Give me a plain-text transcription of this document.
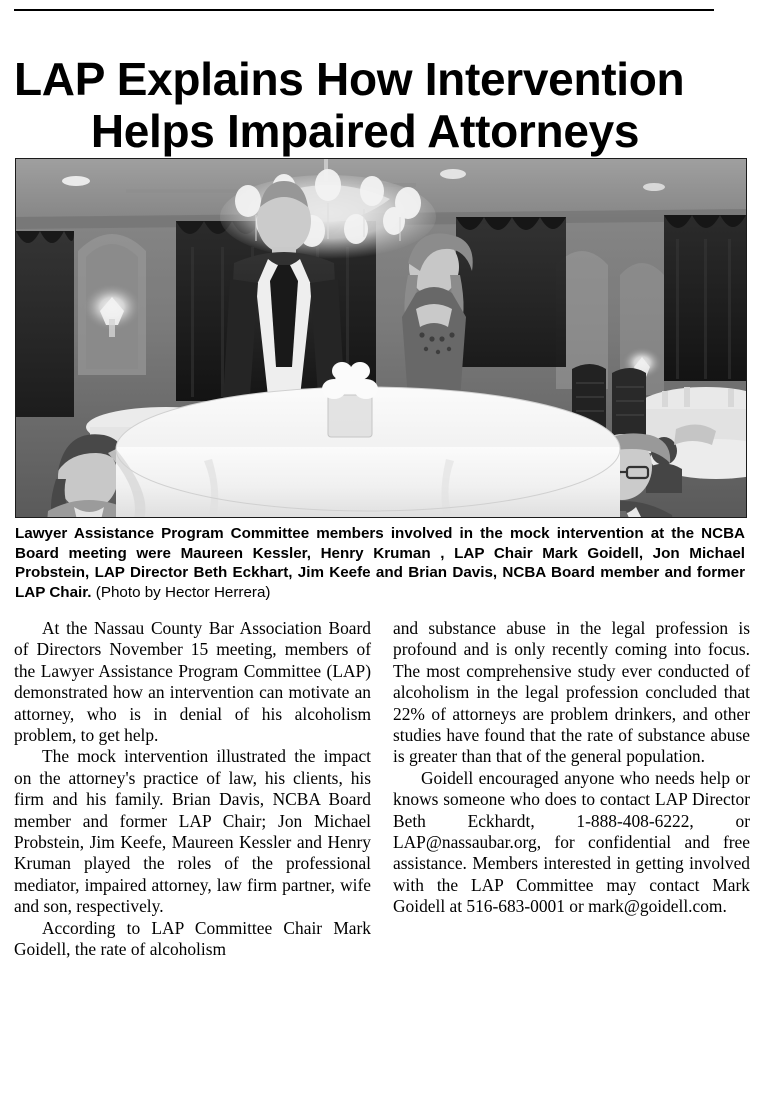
LAP Explains How Intervention
Helps Impaired Attorneys
Lawyer Assistance Program Committee members involved in the mock intervention at the NCBA Board meeting were Maureen Kessler, Henry Kruman , LAP Chair Mark Goidell, Jon Michael Probstein, LAP Director Beth Eckhart, Jim Keefe and Brian Davis, NCBA Board member and former LAP Chair. (Photo by Hector Herrera)

At the Nassau County Bar Association Board of Directors November 15 meeting, members of the Lawyer Assistance Program Committee (LAP) demonstrated how an intervention can motivate an attorney, who is in denial of his alcoholism problem, to get help.

The mock intervention illustrated the impact on the attorney's practice of law, his clients, his firm and his family. Brian Davis, NCBA Board member and former LAP Chair; Jon Michael Probstein, Jim Keefe, Maureen Kessler and Henry Kruman played the roles of the professional mediator, impaired attorney, law firm partner, wife and son, respectively.

According to LAP Committee Chair Mark Goidell, the rate of alcoholism

and substance abuse in the legal profession is profound and is only recently coming into focus. The most comprehensive study ever conducted of alcoholism in the legal profession concluded that 22% of attorneys are problem drinkers, and other studies have found that the rate of substance abuse is greater than that of the general population.

Goidell encouraged anyone who needs help or knows someone who does to contact LAP Director Beth Eckhardt, 1-888-408-6222, or LAP@nassaubar.org, for confidential and free assistance. Members interested in getting involved with the LAP Committee may contact Mark Goidell at 516-683-0001 or mark@goidell.com.
